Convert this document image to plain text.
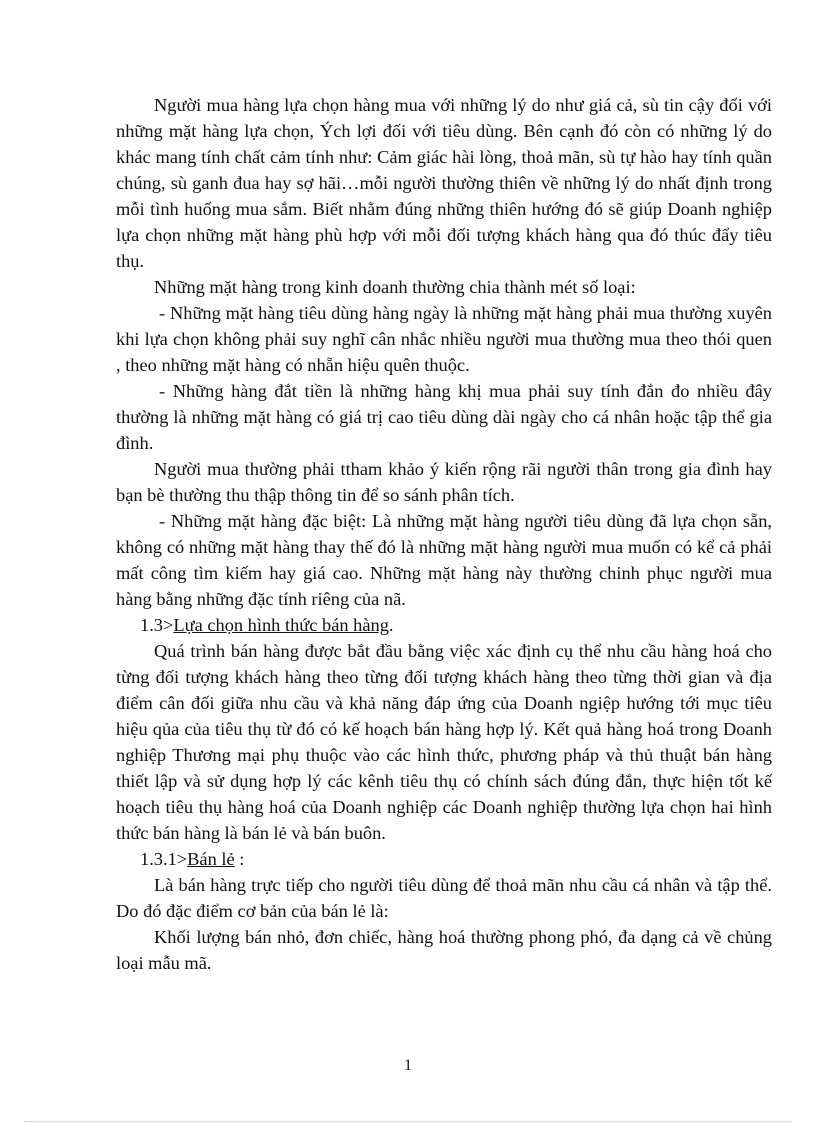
Người mua hàng lựa chọn hàng mua với những lý do như giá cả, sù tin cậy đối với những mặt hàng lựa chọn, Ých lợi đối với tiêu dùng. Bên cạnh đó còn có những lý do khác mang tính chất cảm tính như: Cảm giác hài lòng, thoả mãn, sù tự hào hay tính quần chúng, sù ganh đua hay sợ hãi…mỗi người thường thiên về những lý do nhất định trong mỗi tình huống mua sắm. Biết nhằm đúng những thiên hướng đó sẽ giúp Doanh nghiệp lựa chọn những mặt hàng phù hợp với mỗi đối tượng khách hàng qua đó thúc đẩy tiêu thụ.

Những mặt hàng trong kinh doanh thường chia thành mét số loại:

- Những mặt hàng tiêu dùng hàng ngày là những mặt hàng phải mua thường xuyên khi lựa chọn không phải suy nghĩ cân nhắc nhiều người mua thường mua theo thói quen , theo những mặt hàng có nhẵn hiệu quên thuộc.

- Những hàng đắt tiền là những hàng khị mua phải suy tính đắn đo nhiều đây thường là những mặt hàng có giá trị cao tiêu dùng dài ngày cho cá nhân hoặc tập thể gia đình.

Người mua thường phải ttham khảo ý kiến rộng rãi người thân trong gia đình hay bạn bè thường thu thập thông tin để so sánh phân tích.

- Những mặt hàng đặc biệt: Là những mặt hàng người tiêu dùng đã lựa chọn sẵn, không có những mặt hàng thay thế đó là những mặt hàng người mua muốn có kể cả phải mất công tìm kiếm hay giá cao. Những mặt hàng này thường chinh phục người mua hàng bằng những đặc tính riêng của nã.

1.3>Lựa chọn hình thức bán hàng.

Quá trình bán hàng được bắt đầu bằng việc xác định cụ thể nhu cầu hàng hoá cho từng đối tượng khách hàng theo từng đối tượng khách hàng theo từng thời gian và địa điểm cân đối giữa nhu cầu và khả năng đáp ứng của Doanh ngiệp hướng tới mục tiêu hiệu qủa của tiêu thụ từ đó có kế hoạch bán hàng hợp lý. Kết quả hàng hoá trong Doanh nghiệp Thương mại phụ thuộc vào các hình thức, phương pháp và thủ thuật bán hàng thiết lập và sử dụng hợp lý các kênh tiêu thụ có chính sách đúng đắn, thực hiện tốt kế hoạch tiêu thụ hàng hoá của Doanh nghiệp các Doanh nghiệp thường lựa chọn hai hình thức bán hàng là bán lẻ và bán buôn.

1.3.1>Bán lẻ :

Là bán hàng trực tiếp cho người tiêu dùng để thoả mãn nhu cầu cá nhân và tập thể. Do đó đặc điểm cơ bản của bán lẻ là:

Khối lượng bán nhỏ, đơn chiếc, hàng hoá thường phong phó, đa dạng cả về chủng loại mẫu mã.

1
